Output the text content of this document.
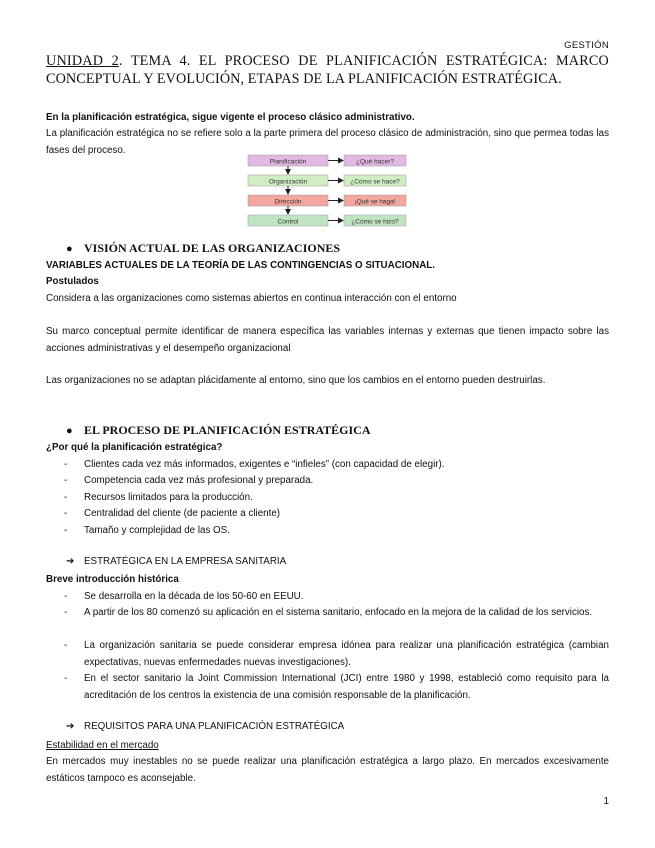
GESTIÓN
UNIDAD 2. TEMA 4. EL PROCESO DE PLANIFICACIÓN ESTRATÉGICA: MARCO
CONCEPTUAL Y EVOLUCIÓN, ETAPAS DE LA PLANIFICACIÓN ESTRATÉGICA.
En la planificación estratégica, sigue vigente el proceso clásico administrativo.
La planificación estratégica no se refiere solo a la parte primera del proceso clásico de administración, sino que permea todas las fases del proceso.
Planificación	¿Qué hacer?
Organización	¿Cómo se hace?
Dirección	¡Qué se haga!
Control	¿Cómo se hizo?
● VISIÓN ACTUAL DE LAS ORGANIZACIONES
VARIABLES ACTUALES DE LA TEORÍA DE LAS CONTINGENCIAS O SITUACIONAL.
Postulados
Considera a las organizaciones como sistemas abiertos en continua interacción con el entorno
Su marco conceptual permite identificar de manera específica las variables internas y externas que tienen impacto sobre las acciones administrativas y el desempeño organizacional
Las organizaciones no se adaptan plácidamente al entorno, sino que los cambios en el entorno pueden destruirlas.
● EL PROCESO DE PLANIFICACIÓN ESTRATÉGICA
¿Por qué la planificación estratégica?
- Clientes cada vez más informados, exigentes e “infieles” (con capacidad de elegir).
- Competencia cada vez más profesional y preparada.
- Recursos limitados para la producción.
- Centralidad del cliente (de paciente a cliente)
- Tamaño y complejidad de las OS.
➔ ESTRATÉGICA EN LA EMPRESA SANITARIA
Breve introducción histórica
- Se desarrolla en la década de los 50-60 en EEUU.
- A partir de los 80 comenzó su aplicación en el sistema sanitario, enfocado en la mejora de la calidad de los servicios.
- La organización sanitaria se puede considerar empresa idónea para realizar una planificación estratégica (cambian expectativas, nuevas enfermedades nuevas investigaciones).
- En el sector sanitario la Joint Commission International (JCI) entre 1980 y 1998, estableció como requisito para la acreditación de los centros la existencia de una comisión responsable de la planificación.
➔ REQUISITOS PARA UNA PLANIFICACIÓN ESTRATÉGICA
Estabilidad en el mercado
En mercados muy inestables no se puede realizar una planificación estratégica a largo plazo. En mercados excesivamente estáticos tampoco es aconsejable.
1
